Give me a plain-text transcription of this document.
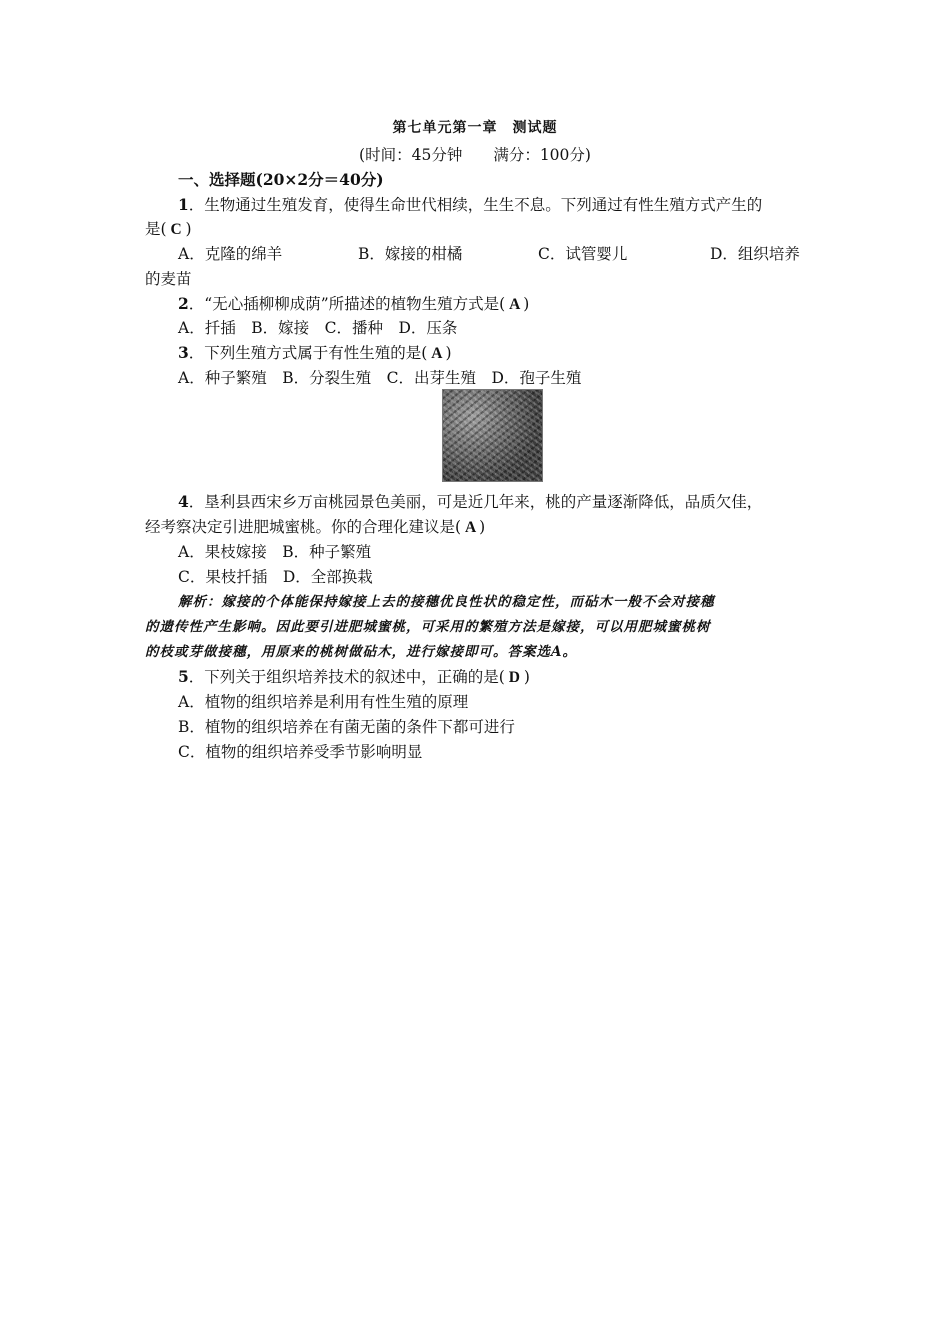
第七单元第一章　测试题
(时间：45分钟　　满分：100分)
一、选择题(20×2分＝40分)
1．生物通过生殖发育，使得生命世代相续，生生不息。下列通过有性生殖方式产生的
是( C )
A．克隆的绵羊	B．嫁接的柑橘	C．试管婴儿	D．组织培养
的麦苗
2．“无心插柳柳成荫”所描述的植物生殖方式是( A )
A．扦插　B．嫁接　C．播种　D．压条
3．下列生殖方式属于有性生殖的是( A )
A．种子繁殖　B．分裂生殖　C．出芽生殖　D．孢子生殖
4．垦利县西宋乡万亩桃园景色美丽，可是近几年来，桃的产量逐渐降低，品质欠佳，
经考察决定引进肥城蜜桃。你的合理化建议是( A )
A．果枝嫁接　B．种子繁殖
C．果枝扦插　D．全部换栽
解析：嫁接的个体能保持嫁接上去的接穗优良性状的稳定性，而砧木一般不会对接穗
的遗传性产生影响。因此要引进肥城蜜桃，可采用的繁殖方法是嫁接，可以用肥城蜜桃树
的枝或芽做接穗，用原来的桃树做砧木，进行嫁接即可。答案选A。
5．下列关于组织培养技术的叙述中，正确的是( D )
A．植物的组织培养是利用有性生殖的原理
B．植物的组织培养在有菌无菌的条件下都可进行
C．植物的组织培养受季节影响明显
